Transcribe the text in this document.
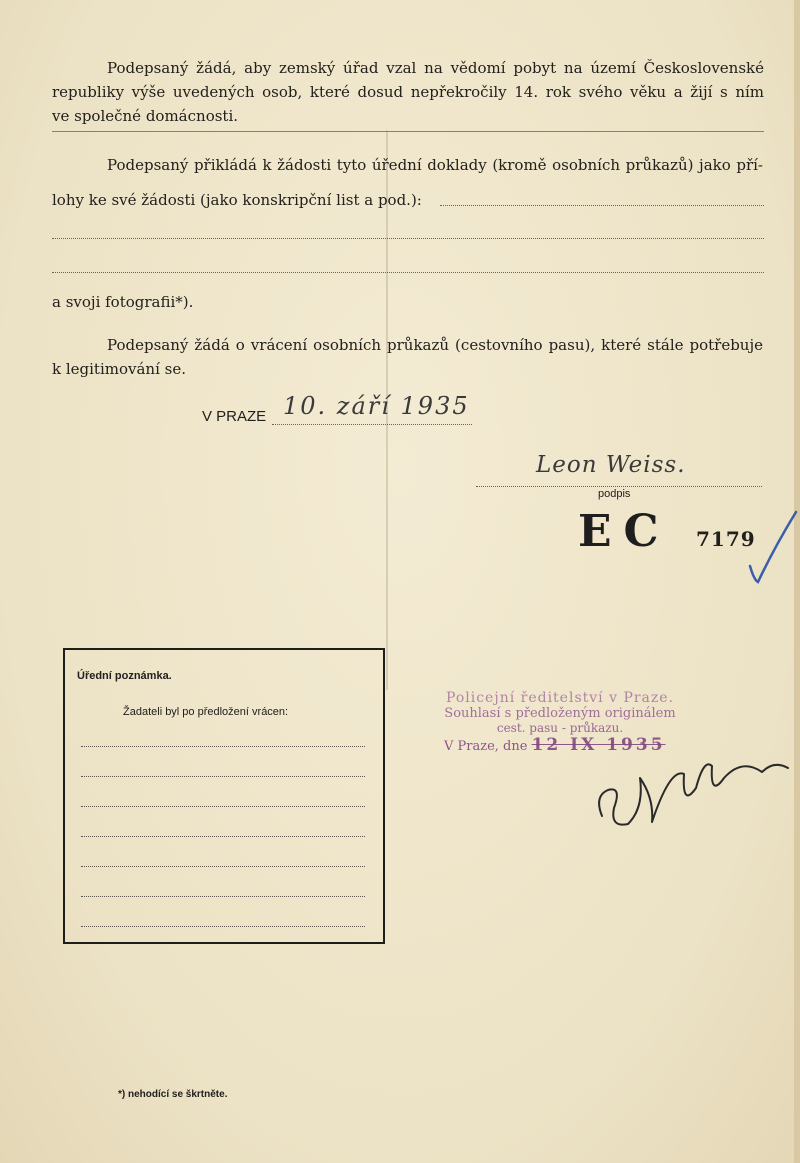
Podepsaný žádá, aby zemský úřad vzal na vědomí pobyt na území Československé
republiky výše uvedených osob, které dosud nepřekročily 14. rok svého věku a žijí s ním
ve společné domácnosti.
Podepsaný přikládá k žádosti tyto úřední doklady (kromě osobních průkazů) jako pří-
lohy ke své žádosti (jako konskripční list a pod.):
a svoji fotografii*).
Podepsaný žádá o vrácení osobních průkazů (cestovního pasu), které stále potřebuje
k legitimování se.
V PRAZE 10. září 1935
Leon Weiss.
podpis
EC 7179
Úřední poznámka.
Žadateli byl po předložení vrácen:
Policejní ředitelství v Praze.
Souhlasí s předloženým originálem
cest. pasu - průkazu.
V Praze, dne 12 IX 1935
*) nehodící se škrtněte.
